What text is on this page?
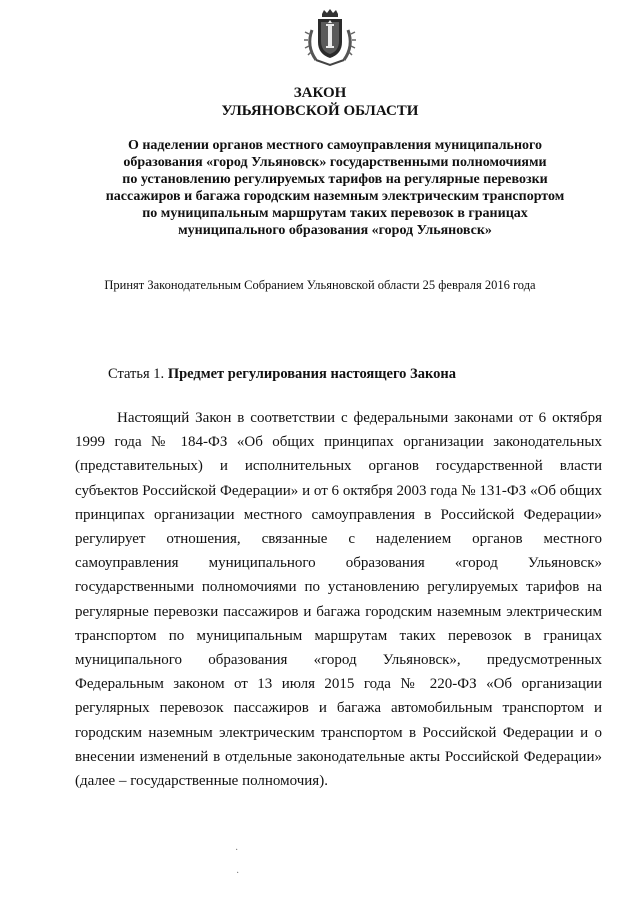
ЗАКОН
УЛЬЯНОВСКОЙ ОБЛАСТИ
О наделении органов местного самоуправления муниципального
образования «город Ульяновск» государственными полномочиями
по установлению регулируемых тарифов на регулярные перевозки
пассажиров и багажа городским наземным электрическим транспортом
по муниципальным маршрутам таких перевозок в границах
муниципального образования «город Ульяновск»
Принят Законодательным Собранием Ульяновской области 25 февраля 2016 года
Статья 1. Предмет регулирования настоящего Закона
Настоящий Закон в соответствии с федеральными законами от 6 октября 1999 года № 184-ФЗ «Об общих принципах организации законодательных (представительных) и исполнительных органов государственной власти субъектов Российской Федерации» и от 6 октября 2003 года № 131-ФЗ «Об общих принципах организации местного самоуправления в Российской Федерации» регулирует отношения, связанные с наделением органов местного самоуправления муниципального образования «город Ульяновск» государственными полномочиями по установлению регулируемых тарифов на регулярные перевозки пассажиров и багажа городским наземным электрическим транспортом по муниципальным маршрутам таких перевозок в границах муниципального образования «город Ульяновск», предусмотренных Федеральным законом от 13 июля 2015 года № 220-ФЗ «Об организации регулярных перевозок пассажиров и багажа автомобильным транспортом и городским наземным электрическим транспортом в Российской Федерации и о внесении изменений в отдельные законодательные акты Российской Федерации» (далее – государственные полномочия).
·
·
